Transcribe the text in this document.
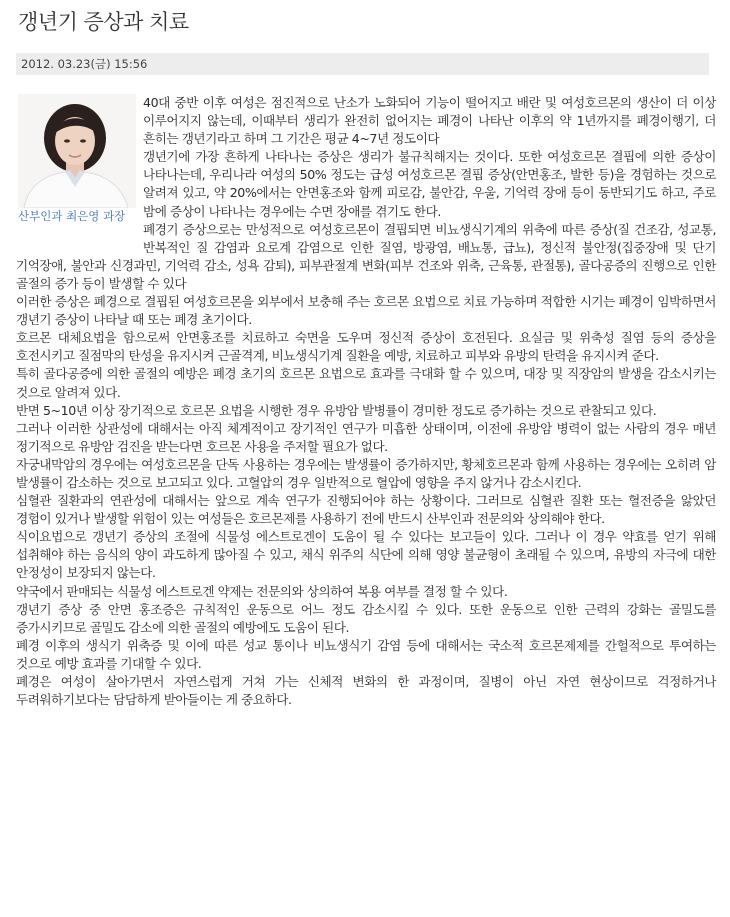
갱년기 증상과 치료
2012. 03.23(금) 15:56
산부인과 최은영 과장

40대 중반 이후 여성은 점진적으로 난소가 노화되어 기능이 떨어지고 배란 및 여성호르몬의 생산이 더 이상 이루어지지 않는데, 이때부터 생리가 완전히 없어지는 폐경이 나타난 이후의 약 1년까지를 폐경이행기, 더 흔히는 갱년기라고 하며 그 기간은 평균 4~7년 정도이다

갱년기에 가장 흔하게 나타나는 증상은 생리가 불규칙해지는 것이다. 또한 여성호르몬 결핍에 의한 증상이 나타나는데, 우리나라 여성의 50% 정도는 급성 여성호르몬 결핍 증상(안면홍조, 발한 등)을 경험하는 것으로 알려져 있고, 약 20%에서는 안면홍조와 함께 피로감, 불안감, 우울, 기억력 장애 등이 동반되기도 하고, 주로 밤에 증상이 나타나는 경우에는 수면 장애를 겪기도 한다.

폐경기 증상으로는 만성적으로 여성호르몬이 결핍되면 비뇨생식기계의 위축에 따른 증상(질 건조감, 성교통, 반복적인 질 감염과 요로계 감염으로 인한 질염, 방광염, 배뇨통, 급뇨), 정신적 불안정(집중장애 및 단기 기억장애, 불안과 신경과민, 기억력 감소, 성욕 감퇴), 피부관절계 변화(피부 건조와 위축, 근육통, 관절통), 골다공증의 진행으로 인한 골절의 증가 등이 발생할 수 있다

이러한 증상은 폐경으로 결핍된 여성호르몬을 외부에서 보충해 주는 호르몬 요법으로 치료 가능하며 적합한 시기는 폐경이 임박하면서 갱년기 증상이 나타날 때 또는 폐경 초기이다.

호르몬 대체요법을 함으로써 안면홍조를 치료하고 숙면을 도우며 정신적 증상이 호전된다. 요실금 및 위축성 질염 등의 증상을 호전시키고 질점막의 탄성을 유지시켜 근골격계, 비뇨생식기계 질환을 예방, 치료하고 피부와 유방의 탄력을 유지시켜 준다.

특히 골다공증에 의한 골절의 예방은 폐경 초기의 호르몬 요법으로 효과를 극대화 할 수 있으며, 대장 및 직장암의 발생을 감소시키는 것으로 알려져 있다.

반면 5~10년 이상 장기적으로 호르몬 요법을 시행한 경우 유방암 발병률이 경미한 정도로 증가하는 것으로 관찰되고 있다.

그러나 이러한 상관성에 대해서는 아직 체계적이고 장기적인 연구가 미흡한 상태이며, 이전에 유방암 병력이 없는 사람의 경우 매년 정기적으로 유방암 검진을 받는다면 호르몬 사용을 주저할 필요가 없다.

자궁내막암의 경우에는 여성호르몬을 단독 사용하는 경우에는 발생률이 증가하지만, 황체호르몬과 함께 사용하는 경우에는 오히려 암 발생률이 감소하는 것으로 보고되고 있다. 고혈압의 경우 일반적으로 혈압에 영향을 주지 않거나 감소시킨다.

심혈관 질환과의 연관성에 대해서는 앞으로 계속 연구가 진행되어야 하는 상황이다. 그러므로 심혈관 질환 또는 혈전증을 앓았던 경험이 있거나 발생할 위험이 있는 여성들은 호르몬제를 사용하기 전에 반드시 산부인과 전문의와 상의해야 한다.

식이요법으로 갱년기 증상의 조절에 식물성 에스트로겐이 도움이 될 수 있다는 보고들이 있다. 그러나 이 경우 약효를 얻기 위해 섭취해야 하는 음식의 양이 과도하게 많아질 수 있고, 채식 위주의 식단에 의해 영양 불균형이 초래될 수 있으며, 유방의 자극에 대한 안정성이 보장되지 않는다.

약국에서 판매되는 식물성 에스트로겐 약제는 전문의와 상의하여 복용 여부를 결정 할 수 있다.

갱년기 증상 중 안면 홍조증은 규칙적인 운동으로 어느 정도 감소시킬 수 있다. 또한 운동으로 인한 근력의 강화는 골밀도를 증가시키므로 골밀도 감소에 의한 골절의 예방에도 도움이 된다.

폐경 이후의 생식기 위축증 및 이에 따른 성교 통이나 비뇨생식기 감염 등에 대해서는 국소적 호르몬제제를 간헐적으로 투여하는 것으로 예방 효과를 기대할 수 있다.

폐경은 여성이 살아가면서 자연스럽게 거쳐 가는 신체적 변화의 한 과정이며, 질병이 아닌 자연 현상이므로 걱정하거나 두려워하기보다는 담담하게 받아들이는 게 중요하다.
